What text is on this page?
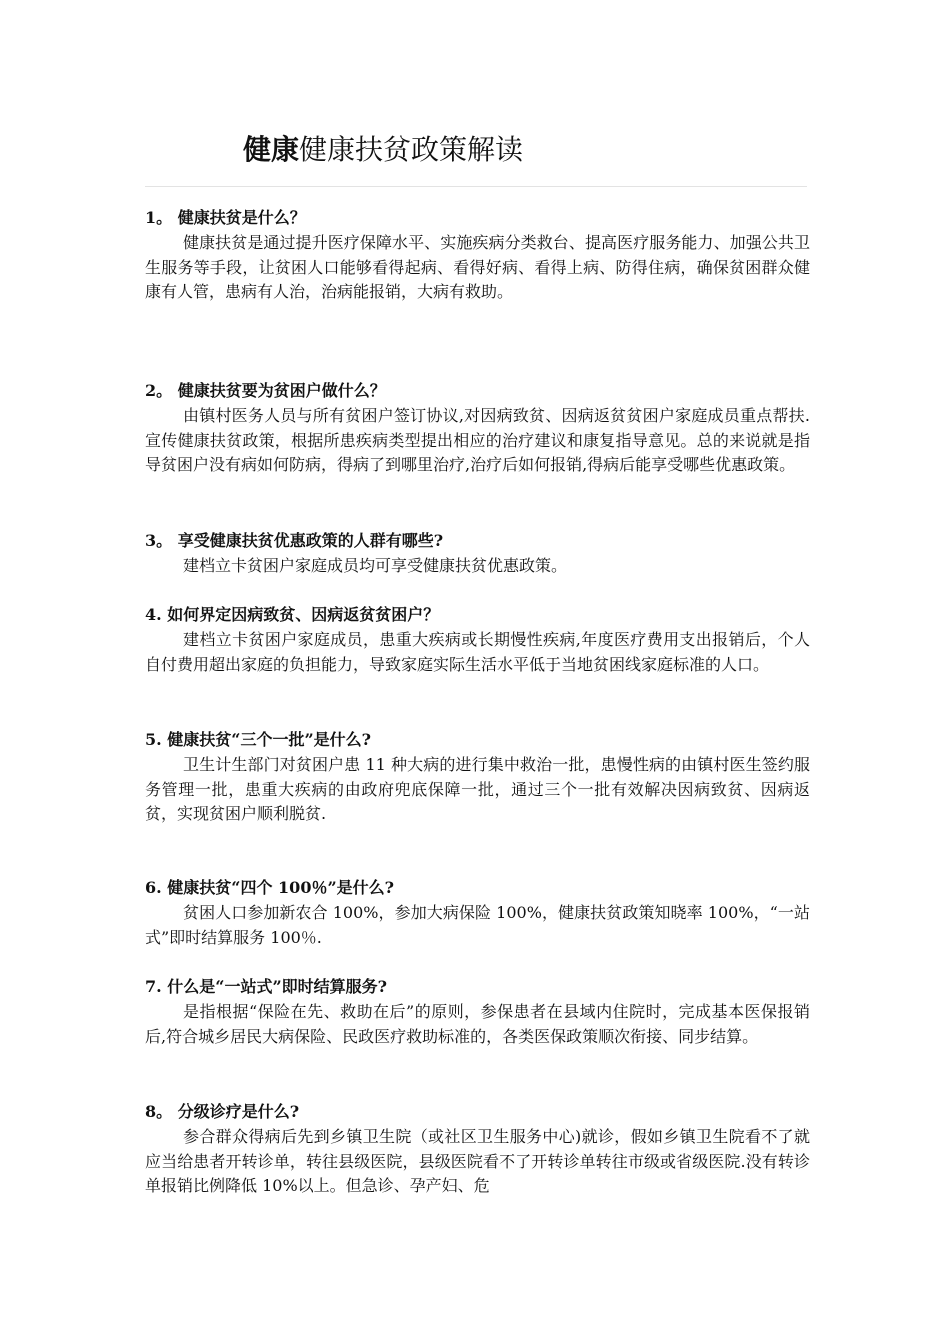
健康健康扶贫政策解读

1。 健康扶贫是什么？

健康扶贫是通过提升医疗保障水平、实施疾病分类救台、提高医疗服务能力、加强公共卫生服务等手段，让贫困人口能够看得起病、看得好病、看得上病、防得住病，确保贫困群众健康有人管，患病有人治，治病能报销，大病有救助。

2。 健康扶贫要为贫困户做什么？

由镇村医务人员与所有贫困户签订协议,对因病致贫、因病返贫贫困户家庭成员重点帮扶.宣传健康扶贫政策，根据所患疾病类型提出相应的治疗建议和康复指导意见。总的来说就是指导贫困户没有病如何防病，得病了到哪里治疗,治疗后如何报销,得病后能享受哪些优惠政策。

3。 享受健康扶贫优惠政策的人群有哪些?

建档立卡贫困户家庭成员均可享受健康扶贫优惠政策。

4. 如何界定因病致贫、因病返贫贫困户？

建档立卡贫困户家庭成员，患重大疾病或长期慢性疾病,年度医疗费用支出报销后，个人自付费用超出家庭的负担能力，导致家庭实际生活水平低于当地贫困线家庭标准的人口。

5. 健康扶贫“三个一批”是什么?

卫生计生部门对贫困户患 11 种大病的进行集中救治一批，患慢性病的由镇村医生签约服务管理一批，患重大疾病的由政府兜底保障一批，通过三个一批有效解决因病致贫、因病返贫，实现贫困户顺利脱贫.

6. 健康扶贫“四个 100％”是什么?

贫困人口参加新农合 100%，参加大病保险 100%，健康扶贫政策知晓率 100%，“一站式”即时结算服务 100％.

7. 什么是“一站式”即时结算服务?

是指根据“保险在先、救助在后”的原则，参保患者在县域内住院时，完成基本医保报销后,符合城乡居民大病保险、民政医疗救助标准的，各类医保政策顺次衔接、同步结算。

8。 分级诊疗是什么?

参合群众得病后先到乡镇卫生院（或社区卫生服务中心)就诊，假如乡镇卫生院看不了就应当给患者开转诊单，转往县级医院，县级医院看不了开转诊单转往市级或省级医院.没有转诊单报销比例降低 10%以上。但急诊、孕产妇、危
